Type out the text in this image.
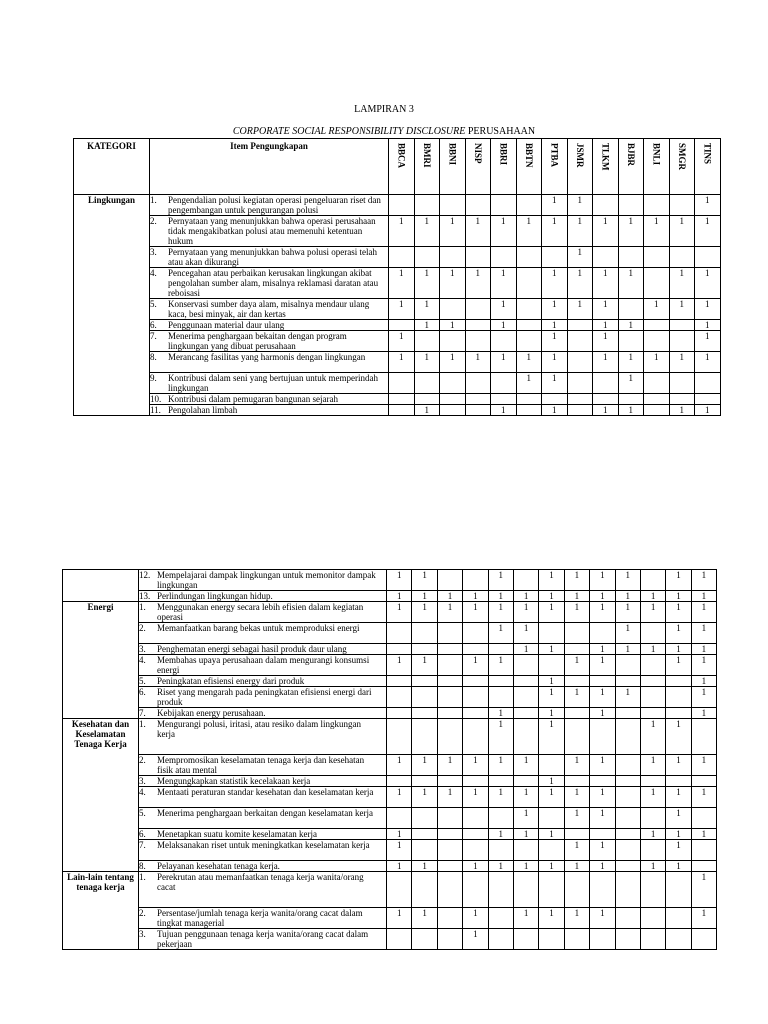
LAMPIRAN 3
CORPORATE SOCIAL RESPONSIBILITY DISCLOSURE PERUSAHAAN
KATEGORI	Item Pengungkapan	BBCA	BMRI	BBNI	NISP	BBRI	BBTN	PTBA	JSMR	TLKM	BJBR	BNLI	SMGR	TINS
Lingkungan	1. Pengendalian polusi kegiatan operasi pengeluaran riset dan pengembangan untuk pengurangan polusi							1	1					1
	2. Pernyataan yang menunjukkan bahwa operasi perusahaan tidak mengakibatkan polusi atau memenuhi ketentuan hukum	1	1	1	1	1	1	1	1	1	1	1	1	1
	3. Pernyataan yang menunjukkan bahwa polusi operasi telah atau akan dikurangi								1					
	4. Pencegahan atau perbaikan kerusakan lingkungan akibat pengolahan sumber alam, misalnya reklamasi daratan atau reboisasi	1	1	1	1	1		1	1	1	1		1	1
	5. Konservasi sumber daya alam, misalnya mendaur ulang kaca, besi minyak, air dan kertas	1	1			1		1	1	1		1	1	1
	6. Penggunaan material daur ulang		1	1		1		1		1	1			1
	7. Menerima penghargaan bekaitan dengan program lingkungan yang dibuat perusahaan	1						1		1				1
	8. Merancang fasilitas yang harmonis dengan lingkungan	1	1	1	1	1	1	1		1	1	1	1	1
	9. Kontribusi dalam seni yang bertujuan untuk memperindah lingkungan						1	1			1			
	10. Kontribusi dalam pemugaran bangunan sejarah													
	11. Pengolahan limbah		1			1		1		1	1		1	1
	12. Mempelajarai dampak lingkungan untuk memonitor dampak lingkungan	1	1			1		1	1	1	1		1	1
	13. Perlindungan lingkungan hidup.	1	1	1	1	1	1	1	1	1	1	1	1	1
Energi	1. Menggunakan energy secara lebih efisien dalam kegiatan operasi	1	1	1	1	1	1	1	1	1	1	1	1	1
	2. Memanfaatkan barang bekas untuk memproduksi energi					1	1				1		1	1
	3. Penghematan energi sebagai hasil produk daur ulang						1	1		1	1	1	1	1
	4. Membahas upaya perusahaan dalam mengurangi konsumsi energi	1	1		1	1			1	1			1	1
	5. Peningkatan efisiensi energy dari produk							1						1
	6. Riset yang mengarah pada peningkatan efisiensi energi dari produk							1	1	1	1			1
	7. Kebijakan energy perusahaan.					1		1		1				1
Kesehatan dan Keselamatan Tenaga Kerja	1. Mengurangi polusi, iritasi, atau resiko dalam lingkungan kerja					1		1				1	1	
	2. Mempromosikan keselamatan tenaga kerja dan kesehatan fisik atau mental	1	1	1	1	1	1		1	1		1	1	1
	3. Mengungkapkan statistik kecelakaan kerja							1						
	4. Mentaati peraturan standar kesehatan dan keselamatan kerja	1	1	1	1	1	1	1	1	1		1	1	1
	5. Menerima penghargaan berkaitan dengan keselamatan kerja						1		1	1			1	
	6. Menetapkan suatu komite keselamatan kerja	1				1	1	1				1	1	1
	7. Melaksanakan riset untuk meningkatkan keselamatan kerja	1							1	1			1	
	8. Pelayanan kesehatan tenaga kerja.	1	1		1	1	1	1	1	1		1	1	
Lain-lain tentang tenaga kerja	1. Perekrutan atau memanfaatkan tenaga kerja wanita/orang cacat													1
	2. Persentase/jumlah tenaga kerja wanita/orang cacat dalam tingkat managerial	1	1		1		1	1	1	1				1
	3. Tujuan penggunaan tenaga kerja wanita/orang cacat dalam pekerjaan				1									
